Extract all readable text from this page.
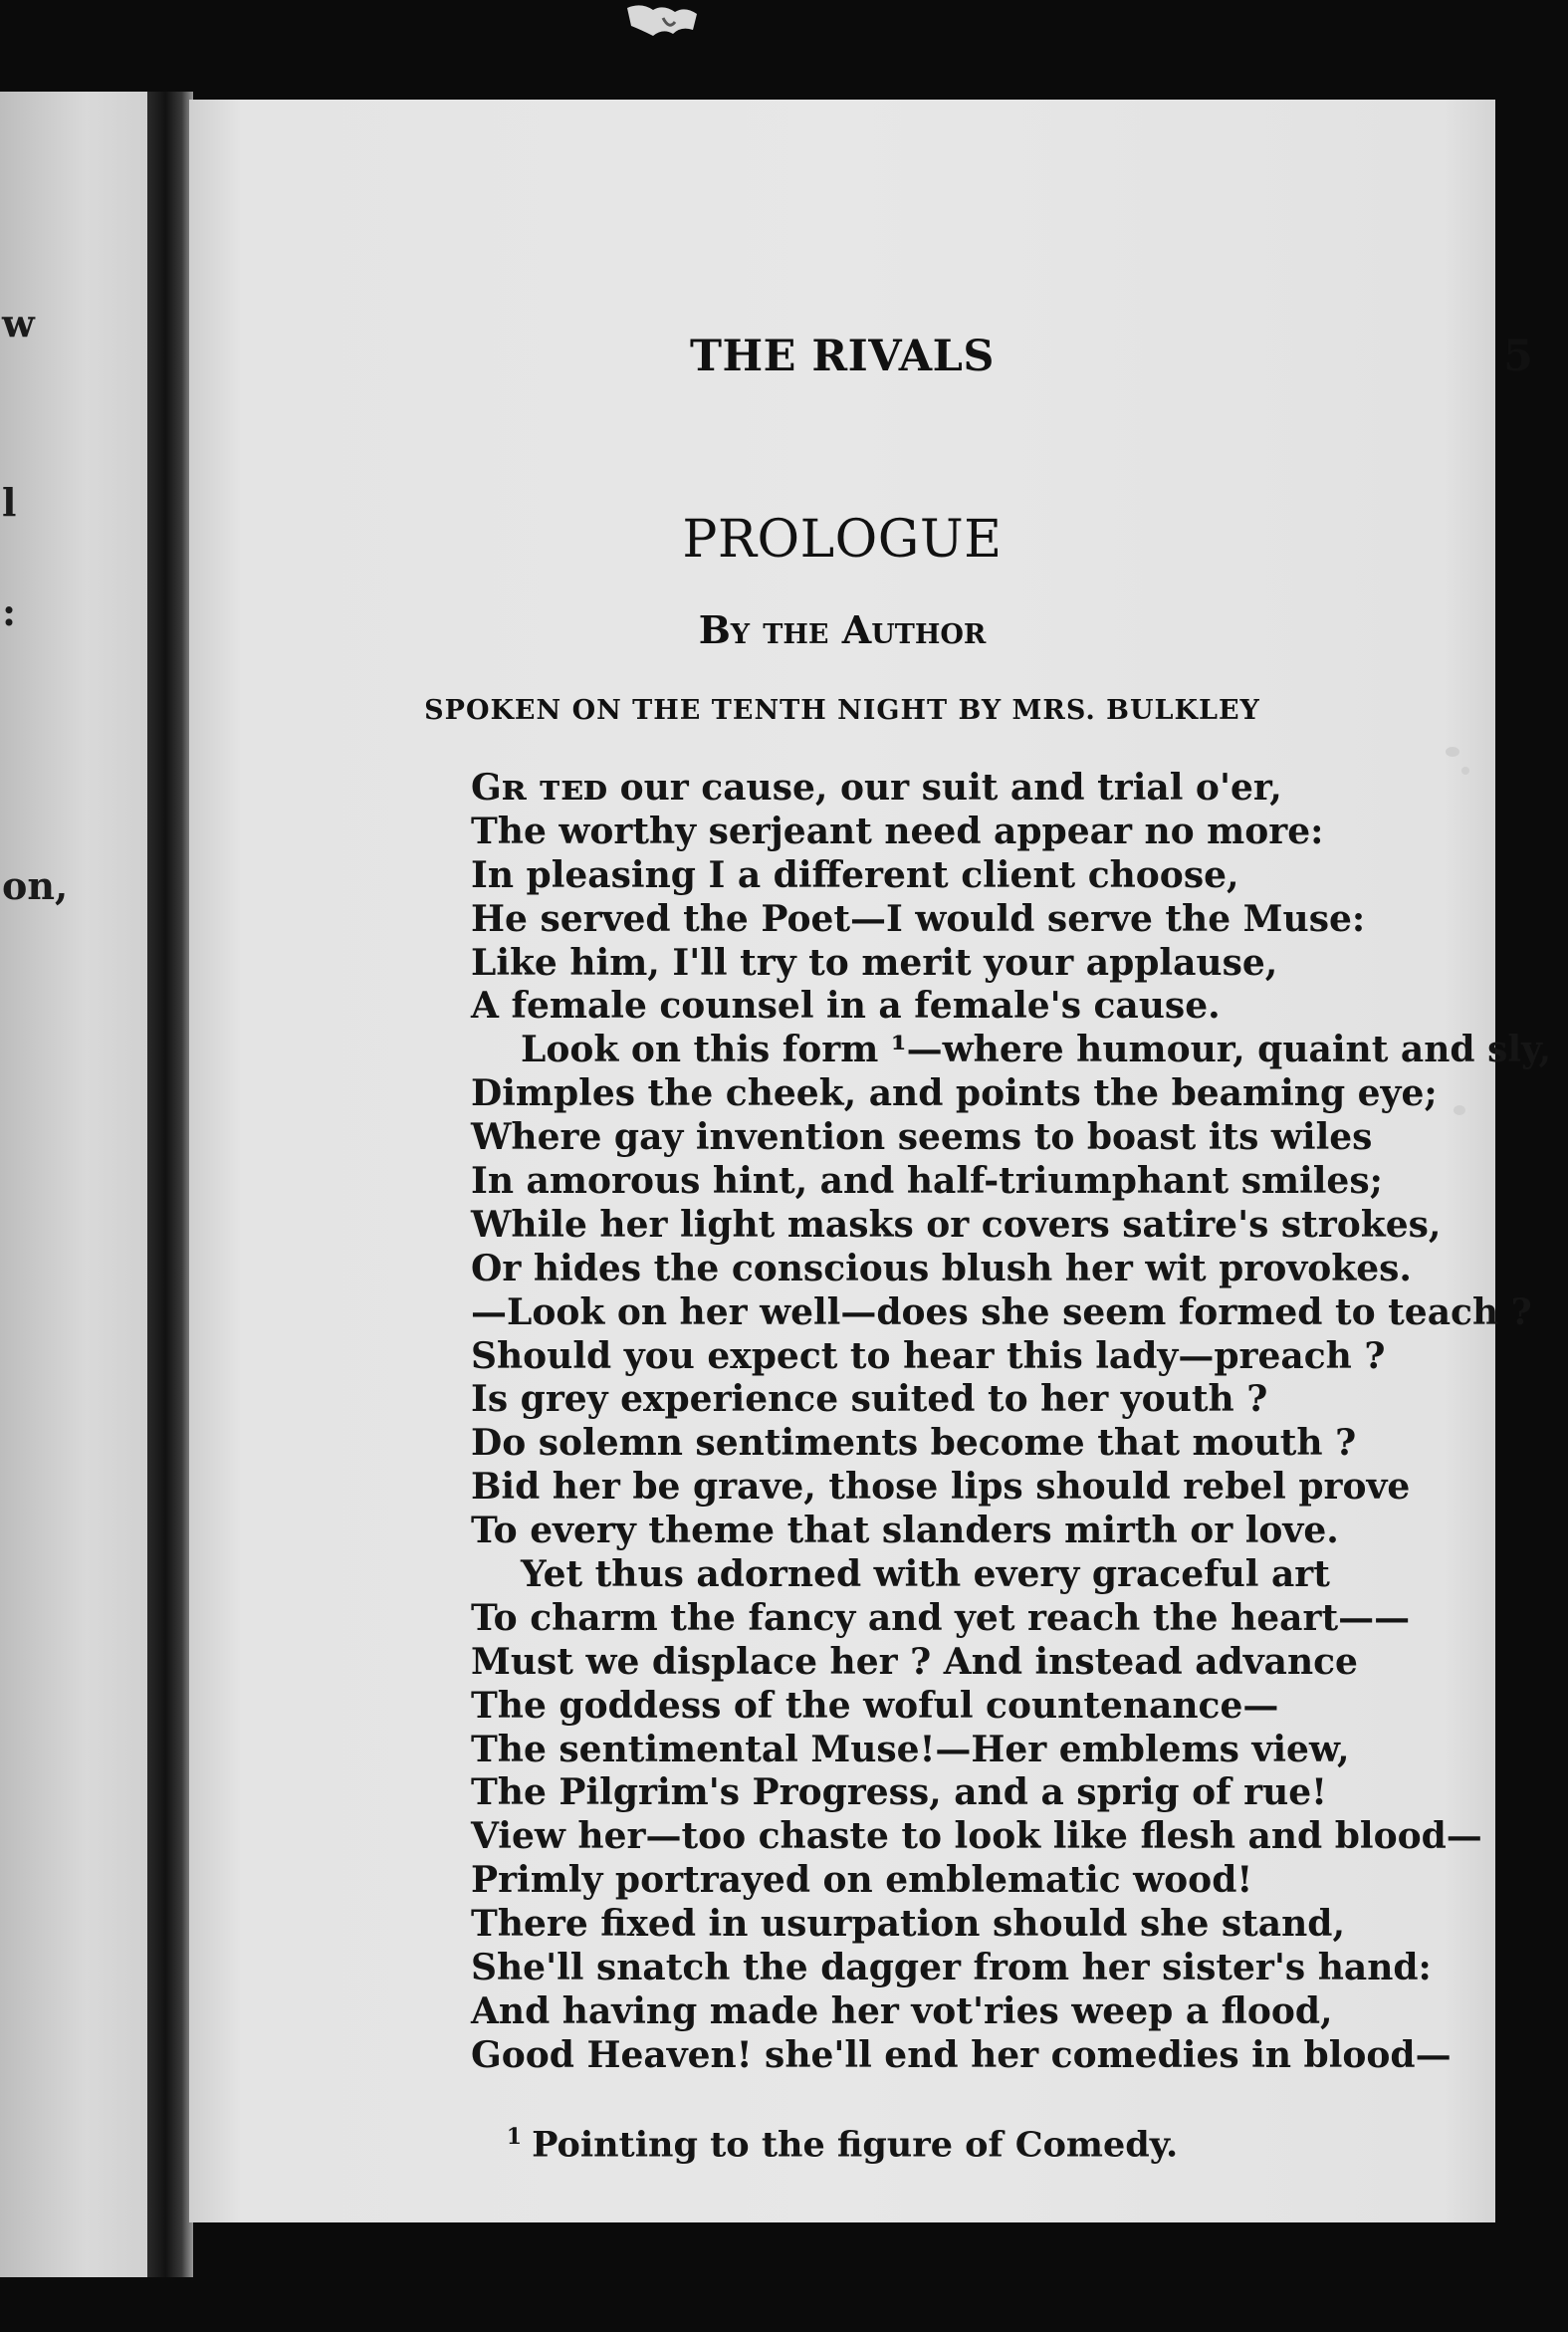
w
l
:
on,
THE RIVALS	5
PROLOGUE
By the Author
SPOKEN ON THE TENTH NIGHT BY MRS. BULKLEY
Gʀ ᴛᴇᴅ our cause, our suit and trial o'er,
The worthy serjeant need appear no more:
In pleasing I a different client choose,
He served the Poet—I would serve the Muse:
Like him, I'll try to merit your applause,
A female counsel in a female's cause.
Look on this form ¹—where humour, quaint and sly,
Dimples the cheek, and points the beaming eye;
Where gay invention seems to boast its wiles
In amorous hint, and half-triumphant smiles;
While her light masks or covers satire's strokes,
Or hides the conscious blush her wit provokes.
—Look on her well—does she seem formed to teach ?
Should you expect to hear this lady—preach ?
Is grey experience suited to her youth ?
Do solemn sentiments become that mouth ?
Bid her be grave, those lips should rebel prove
To every theme that slanders mirth or love.
Yet thus adorned with every graceful art
To charm the fancy and yet reach the heart——
Must we displace her ? And instead advance
The goddess of the woful countenance—
The sentimental Muse!—Her emblems view,
The Pilgrim's Progress, and a sprig of rue!
View her—too chaste to look like flesh and blood—
Primly portrayed on emblematic wood!
There fixed in usurpation should she stand,
She'll snatch the dagger from her sister's hand:
And having made her vot'ries weep a flood,
Good Heaven! she'll end her comedies in blood—
$^1$ Pointing to the figure of Comedy.
